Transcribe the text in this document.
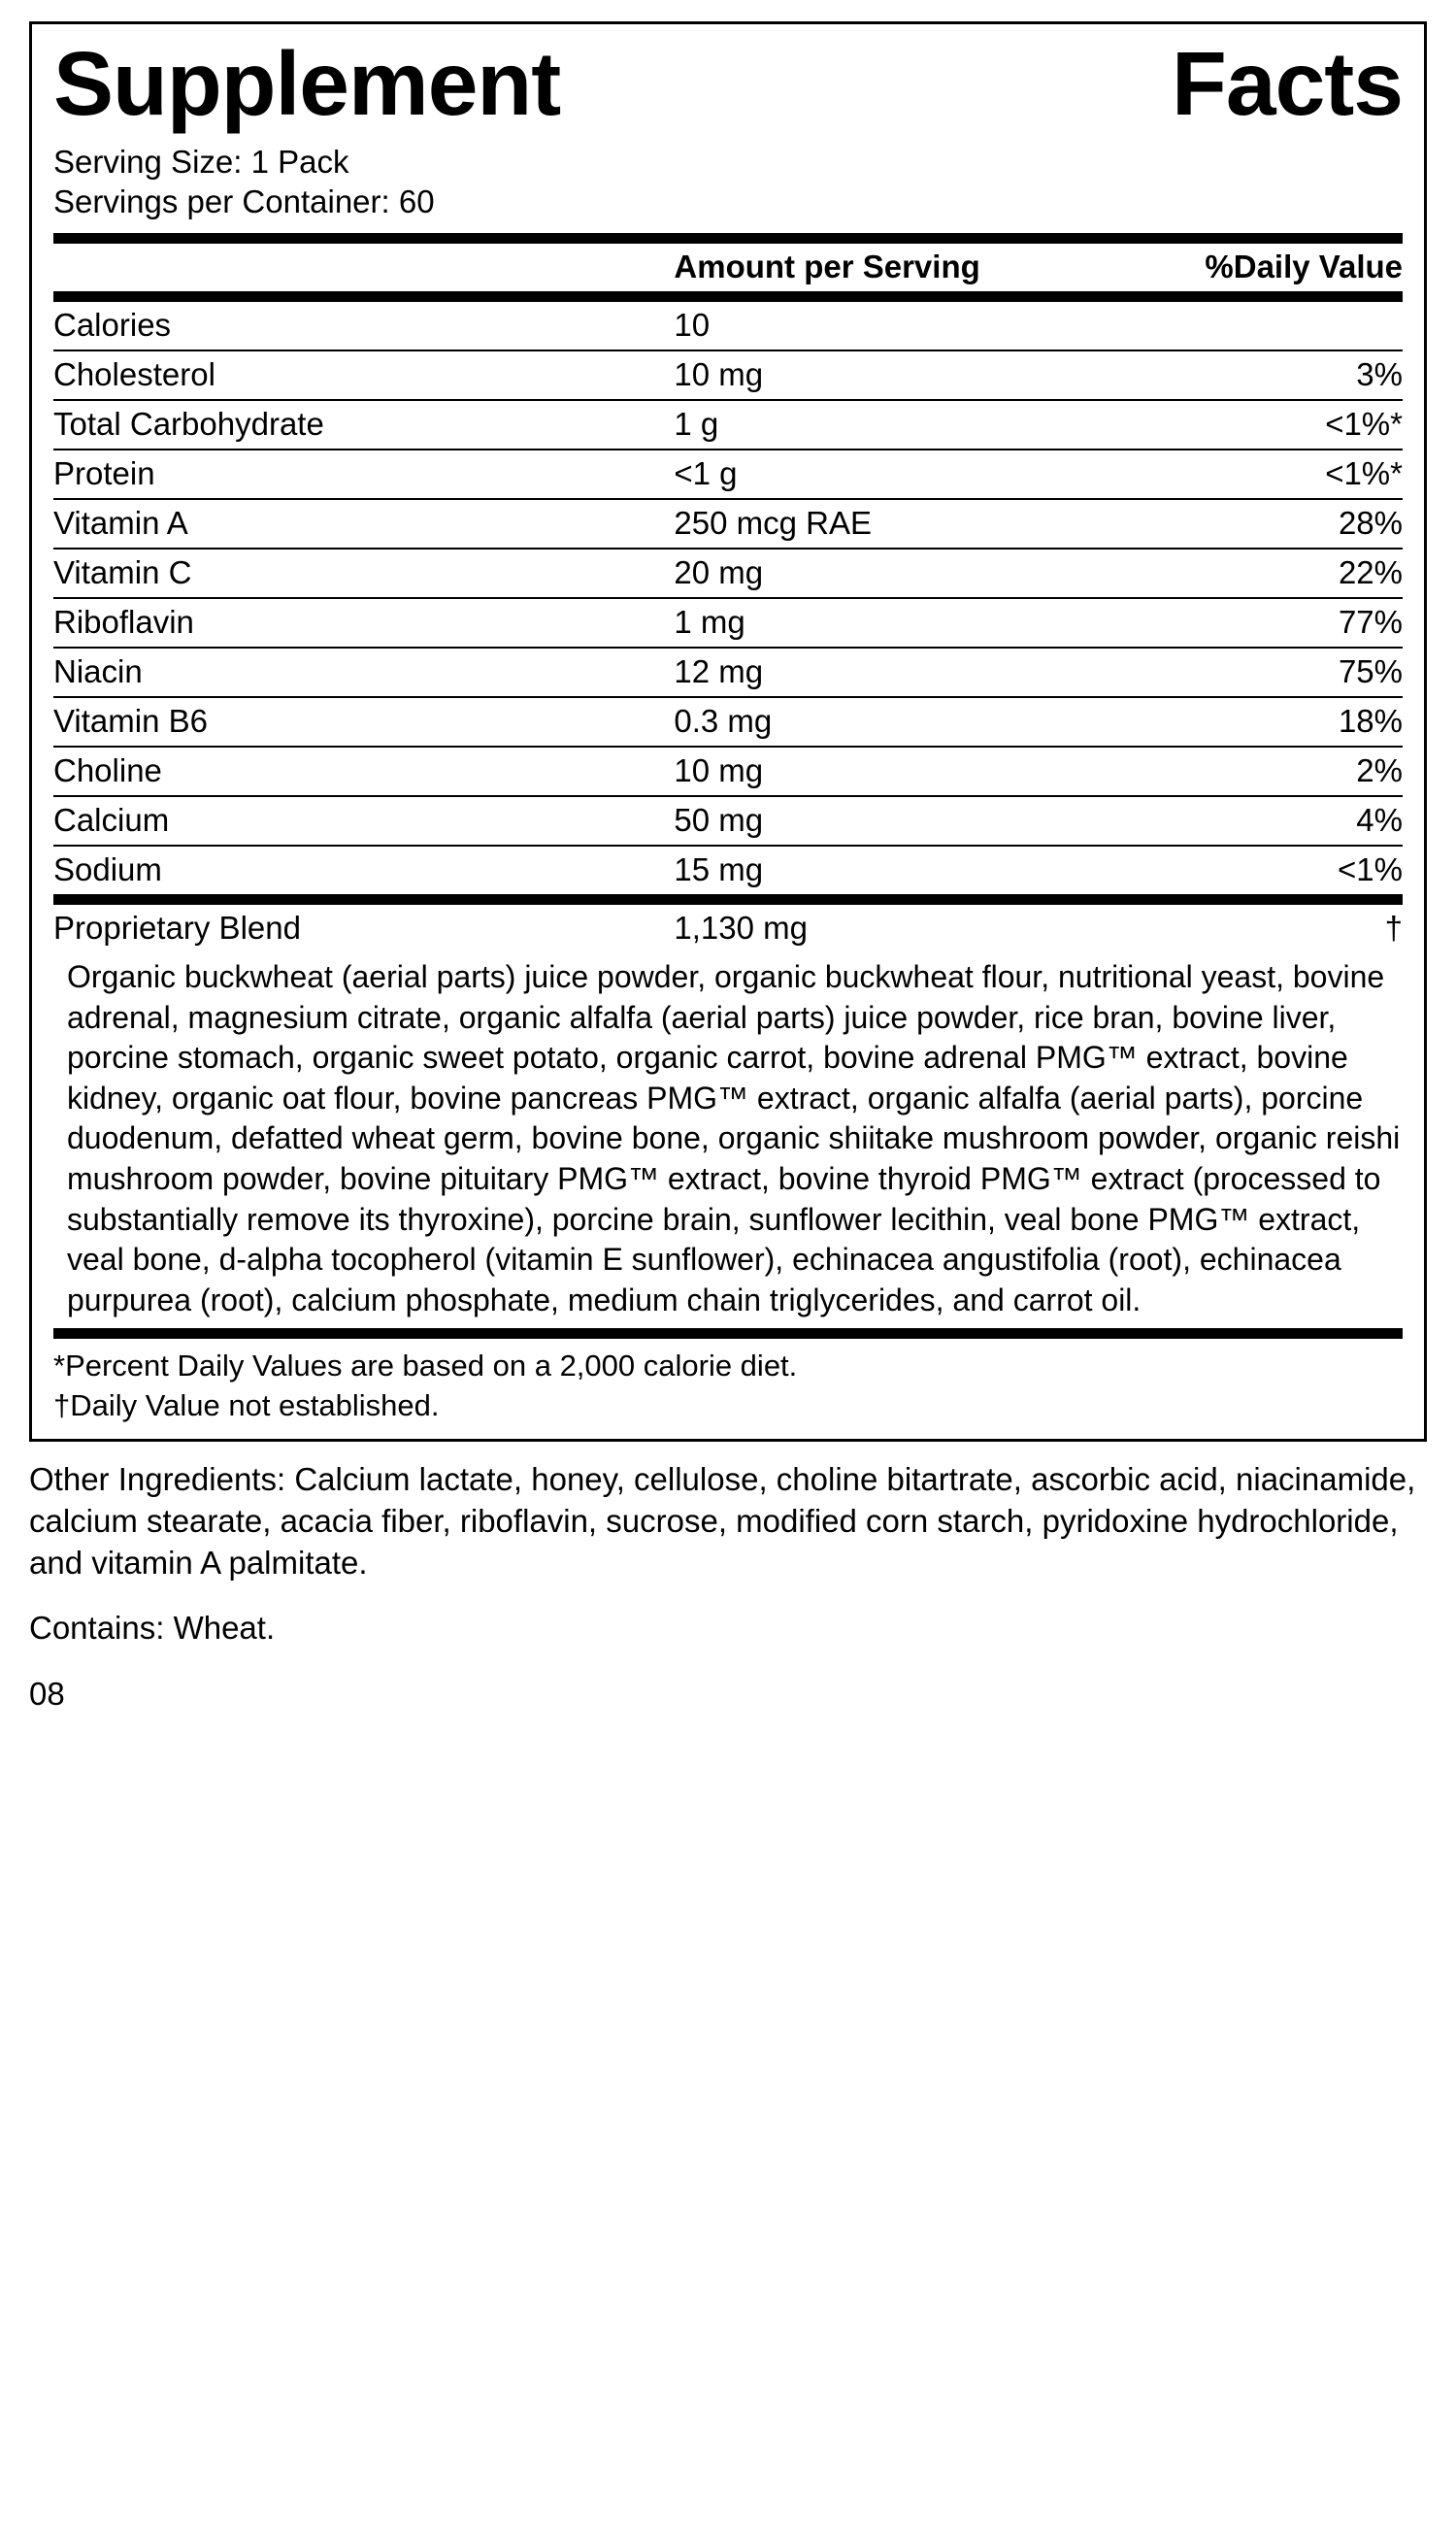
Supplement	Facts
Serving Size: 1 Pack
Servings per Container: 60
	Amount per Serving	%Daily Value
Calories	10	
Cholesterol	10 mg	3%
Total Carbohydrate	1 g	<1%*
Protein	<1 g	<1%*
Vitamin A	250 mcg RAE	28%
Vitamin C	20 mg	22%
Riboflavin	1 mg	77%
Niacin	12 mg	75%
Vitamin B6	0.3 mg	18%
Choline	10 mg	2%
Calcium	50 mg	4%
Sodium	15 mg	<1%
Proprietary Blend	1,130 mg	†

Organic buckwheat (aerial parts) juice powder, organic buckwheat flour, nutritional yeast, bovine adrenal, magnesium citrate, organic alfalfa (aerial parts) juice powder, rice bran, bovine liver, porcine stomach, organic sweet potato, organic carrot, bovine adrenal PMG™ extract, bovine kidney, organic oat flour, bovine pancreas PMG™ extract, organic alfalfa (aerial parts), porcine duodenum, defatted wheat germ, bovine bone, organic shiitake mushroom powder, organic reishi mushroom powder, bovine pituitary PMG™ extract, bovine thyroid PMG™ extract (processed to substantially remove its thyroxine), porcine brain, sunflower lecithin, veal bone PMG™ extract, veal bone, d-alpha tocopherol (vitamin E sunflower), echinacea angustifolia (root), echinacea purpurea (root), calcium phosphate, medium chain triglycerides, and carrot oil.		
*Percent Daily Values are based on a 2,000 calorie diet.
†Daily Value not established.
Other Ingredients: Calcium lactate, honey, cellulose, choline bitartrate, ascorbic acid, niacinamide, calcium stearate, acacia fiber, riboflavin, sucrose, modified corn starch, pyridoxine hydrochloride, and vitamin A palmitate.
Contains: Wheat.
08
